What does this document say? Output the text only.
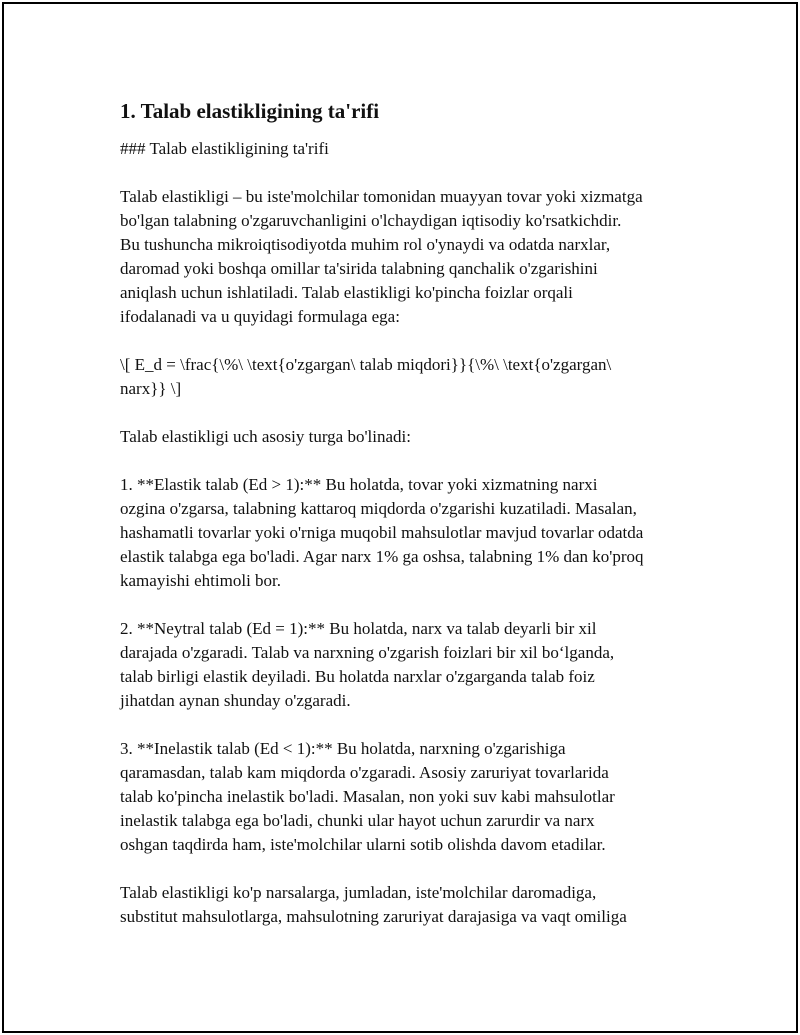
1. Talab elastikligining ta'rifi

### Talab elastikligining ta'rifi

Talab elastikligi – bu iste'molchilar tomonidan muayyan tovar yoki xizmatga
bo'lgan talabning o'zgaruvchanligini o'lchaydigan iqtisodiy ko'rsatkichdir.
Bu tushuncha mikroiqtisodiyotda muhim rol o'ynaydi va odatda narxlar,
daromad yoki boshqa omillar ta'sirida talabning qanchalik o'zgarishini
aniqlash uchun ishlatiladi. Talab elastikligi ko'pincha foizlar orqali
ifodalanadi va u quyidagi formulaga ega:

\[ E_d = \frac{\%\ \text{o'zgargan\ talab miqdori}}{\%\ \text{o'zgargan\
narx}} \]

Talab elastikligi uch asosiy turga bo'linadi:

1. **Elastik talab (Ed > 1):** Bu holatda, tovar yoki xizmatning narxi
ozgina o'zgarsa, talabning kattaroq miqdorda o'zgarishi kuzatiladi. Masalan,
hashamatli tovarlar yoki o'rniga muqobil mahsulotlar mavjud tovarlar odatda
elastik talabga ega bo'ladi. Agar narx 1% ga oshsa, talabning 1% dan ko'proq
kamayishi ehtimoli bor.

2. **Neytral talab (Ed = 1):** Bu holatda, narx va talab deyarli bir xil
darajada o'zgaradi. Talab va narxning o'zgarish foizlari bir xil bo‘lganda,
talab birligi elastik deyiladi. Bu holatda narxlar o'zgarganda talab foiz
jihatdan aynan shunday o'zgaradi.

3. **Inelastik talab (Ed < 1):** Bu holatda, narxning o'zgarishiga
qaramasdan, talab kam miqdorda o'zgaradi. Asosiy zaruriyat tovarlarida
talab ko'pincha inelastik bo'ladi. Masalan, non yoki suv kabi mahsulotlar
inelastik talabga ega bo'ladi, chunki ular hayot uchun zarurdir va narx
oshgan taqdirda ham, iste'molchilar ularni sotib olishda davom etadilar.

Talab elastikligi ko'p narsalarga, jumladan, iste'molchilar daromadiga,
substitut mahsulotlarga, mahsulotning zaruriyat darajasiga va vaqt omiliga
